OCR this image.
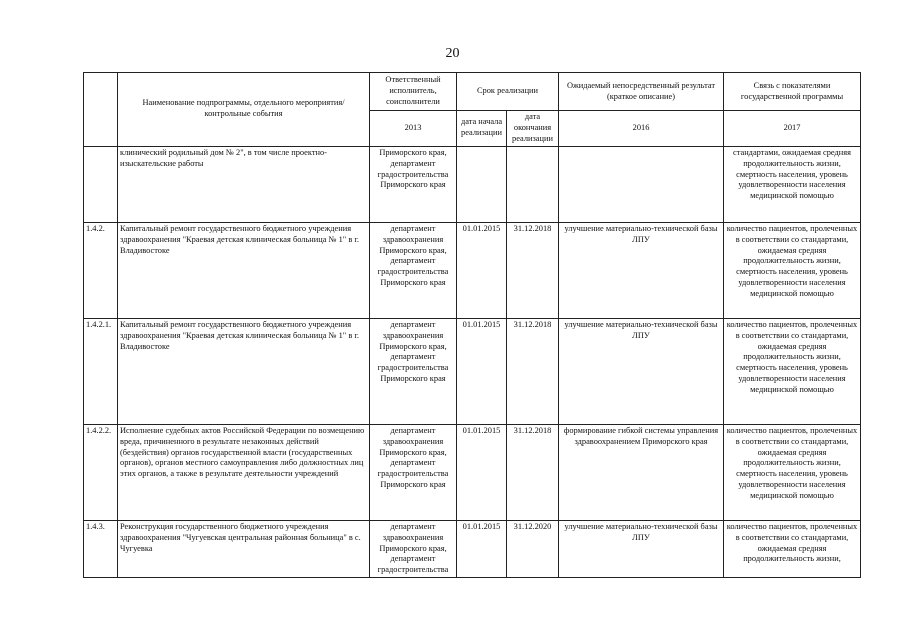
20
	Наименование подпрограммы, отдельного мероприятия/контрольные события	Ответственный исполнитель, соисполнители	Срок реализации		Ожидаемый непосредственный результат (краткое описание)	Связь с показателями государственной программы
		2013	дата начала реализации	дата окончания реализации	2016	2017
	клинический родильный дом № 2", в том числе проектно-изыскательские работы	Приморского края, департамент градостроительства Приморского края				стандартами, ожидаемая средняя продолжительность жизни, смертность населения, уровень удовлетворенности населения медицинской помощью
1.4.2.	Капитальный ремонт государственного бюджетного учреждения здравоохранения "Краевая детская клиническая больница № 1" в г. Владивостоке	департамент здравоохранения Приморского края, департамент градостроительства Приморского края	01.01.2015	31.12.2018	улучшение материально-технической базы ЛПУ	количество пациентов, пролеченных в соответствии со стандартами, ожидаемая средняя продолжительность жизни, смертность населения, уровень удовлетворенности населения медицинской помощью
1.4.2.1.	Капитальный ремонт государственного бюджетного учреждения здравоохранения "Краевая детская клиническая больница № 1" в г. Владивостоке	департамент здравоохранения Приморского края, департамент градостроительства Приморского края	01.01.2015	31.12.2018	улучшение материально-технической базы ЛПУ	количество пациентов, пролеченных в соответствии со стандартами, ожидаемая средняя продолжительность жизни, смертность населения, уровень удовлетворенности населения медицинской помощью
1.4.2.2.	Исполнение судебных актов Российской Федерации по возмещению вреда, причиненного в результате незаконных действий (бездействия) органов государственной власти (государственных органов), органов местного самоуправления либо должностных лиц этих органов, а также в результате деятельности учреждений	департамент здравоохранения Приморского края, департамент градостроительства Приморского края	01.01.2015	31.12.2018	формирование гибкой системы управления здравоохранением Приморского края	количество пациентов, пролеченных в соответствии со стандартами, ожидаемая средняя продолжительность жизни, смертность населения, уровень удовлетворенности населения медицинской помощью
1.4.3.	Реконструкция государственного бюджетного учреждения здравоохранения "Чугуевская центральная районная больница" в с. Чугуевка	департамент здравоохранения Приморского края, департамент градостроительства	01.01.2015	31.12.2020	улучшение материально-технической базы ЛПУ	количество пациентов, пролеченных в соответствии со стандартами, ожидаемая средняя продолжительность жизни,
